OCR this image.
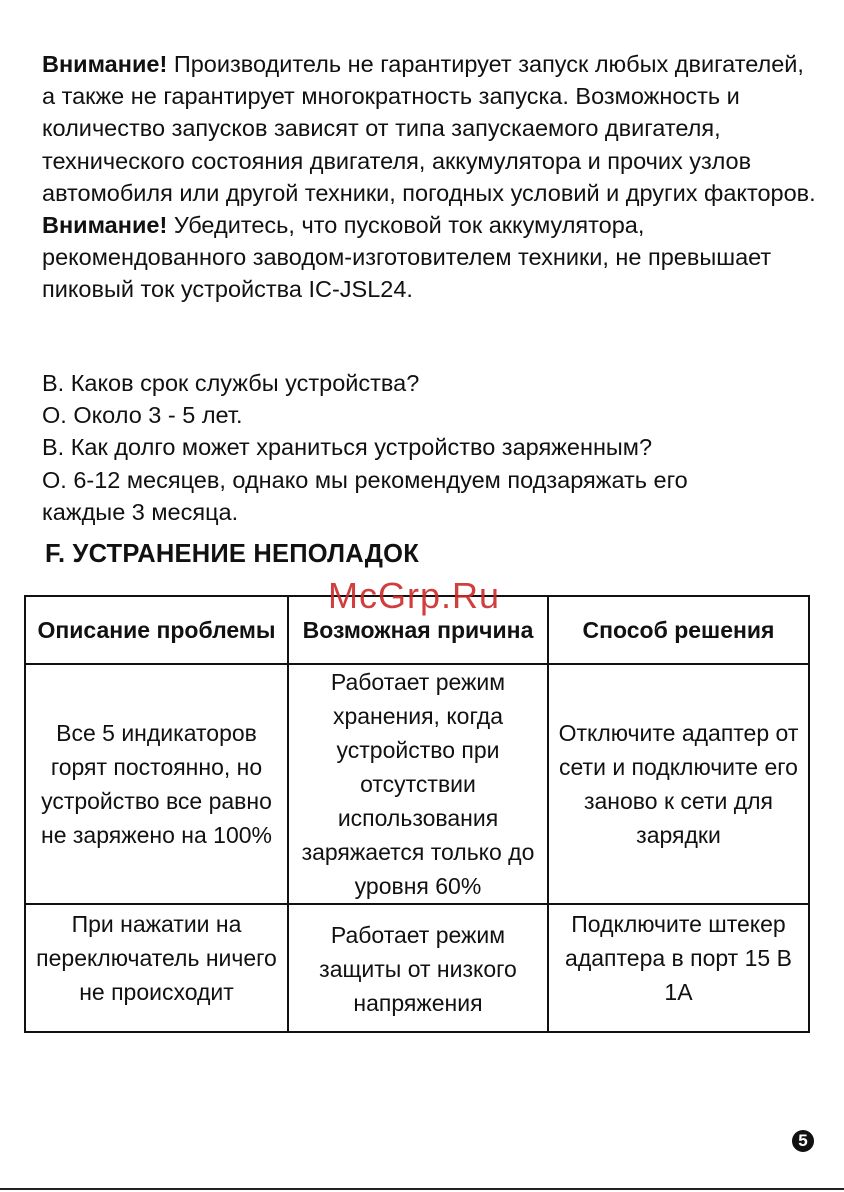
Внимание! Производитель не гарантирует запуск любых двигателей, а также не гарантирует многократность запуска. Возможность и количество запусков зависят от типа запускаемого двигателя, технического состояния двигателя, аккумулятора и прочих узлов автомобиля или другой техники, погодных условий и других факторов.
Внимание! Убедитесь, что пусковой ток аккумулятора, рекомендованного заводом-изготовителем техники, не превышает пиковый ток устройства IC-JSL24.

В. Каков срок службы устройства?
О. Около 3 - 5 лет.
В. Как долго может храниться устройство заряженным?
О. 6-12 месяцев, однако мы рекомендуем подзаряжать его
каждые 3 месяца.
F. УСТРАНЕНИЕ НЕПОЛАДОК
McGrp.Ru
Описание проблемы	Возможная причина	Способ решения
Все 5 индикаторов горят постоянно, но устройство все равно не заряжено на 100%	Работает режим хранения, когда устройство при отсутствии использования заряжается только до уровня 60%	Отключите адаптер от сети и подключите его заново к сети для зарядки
При нажатии на переключатель ничего не происходит	Работает режим защиты от низкого напряжения	Подключите штекер адаптера в порт 15 В 1А
5
